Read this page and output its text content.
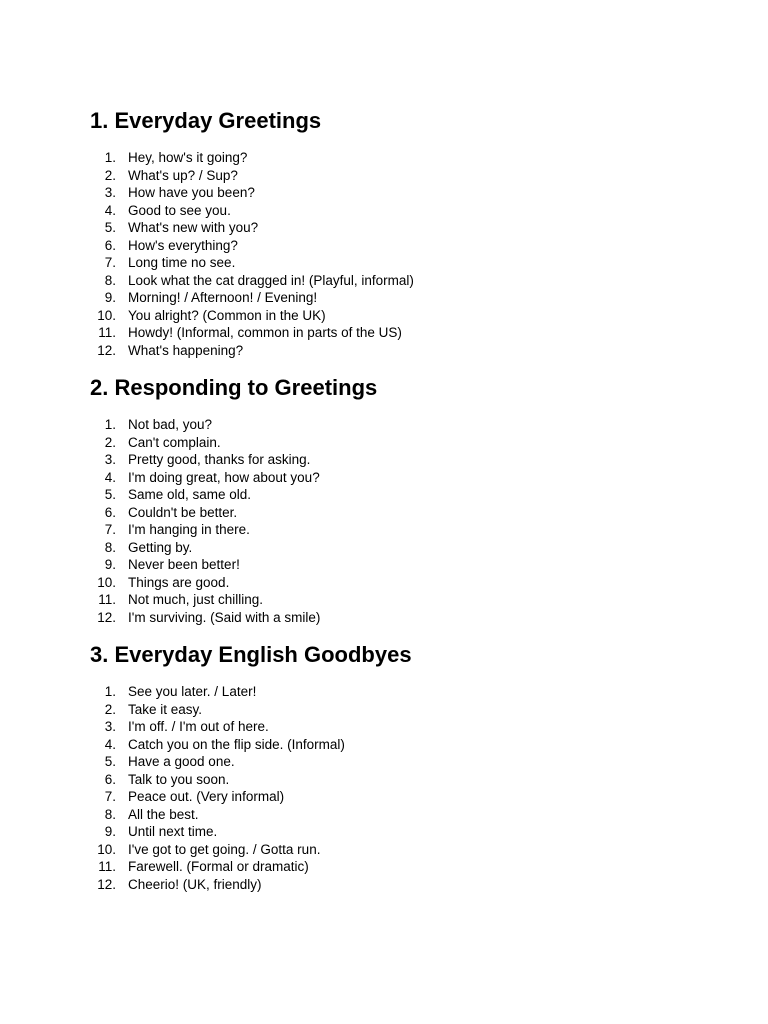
1. Everyday Greetings
1. Hey, how's it going?
2. What's up? / Sup?
3. How have you been?
4. Good to see you.
5. What's new with you?
6. How's everything?
7. Long time no see.
8. Look what the cat dragged in! (Playful, informal)
9. Morning! / Afternoon! / Evening!
10. You alright? (Common in the UK)
11. Howdy! (Informal, common in parts of the US)
12. What's happening?
2. Responding to Greetings
1. Not bad, you?
2. Can't complain.
3. Pretty good, thanks for asking.
4. I'm doing great, how about you?
5. Same old, same old.
6. Couldn't be better.
7. I'm hanging in there.
8. Getting by.
9. Never been better!
10. Things are good.
11. Not much, just chilling.
12. I'm surviving. (Said with a smile)
3. Everyday English Goodbyes
1. See you later. / Later!
2. Take it easy.
3. I'm off. / I'm out of here.
4. Catch you on the flip side. (Informal)
5. Have a good one.
6. Talk to you soon.
7. Peace out. (Very informal)
8. All the best.
9. Until next time.
10. I've got to get going. / Gotta run.
11. Farewell. (Formal or dramatic)
12. Cheerio! (UK, friendly)
